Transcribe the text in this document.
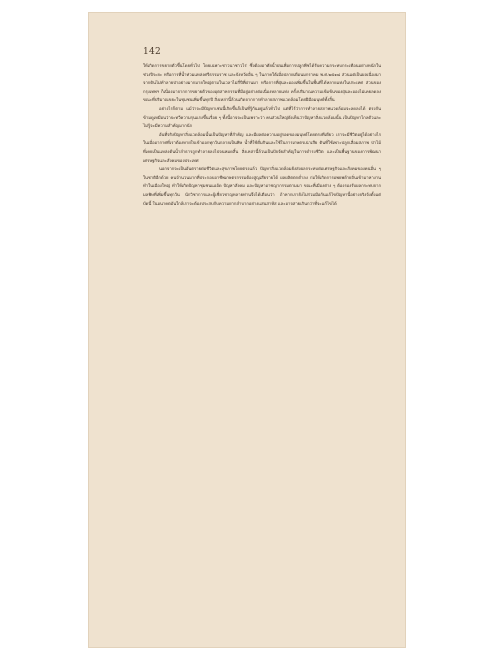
142

ให้เกิดการขยายตัวขึ้นโดยทั่วไป โดยเฉพาะชาวนาชาวไร่ ซึ่งต้องอาศัยน้ำฝนเพื่อการปลูกพืชได้รับความกระทบกระเทือนอย่างหนักในช่วงปีระยะ หรือการที่น้ำท่วมแหล่งศรีธรรมราช และจังหวัดอื่น ๆ ในภาคใต้เมื่อปลายเดือนมกราคม พ.ศ.๒๕๑๘ ส่วนแต่เป็นผลเนื่องมาจากดินไม่ทำลายป่าอย่างมากมายใหญ่ตามในเวลาไม่กี่ปีที่ผ่านมา หรือการที่ฝุ่นละอองเพิ่มขึ้นในพื้นที่ได้หลายแห่งในประเทศ ส่วนของกรุงเทพฯ ก็เนื่องมาจากการขยายตัวของอุตสาหกรรมที่มีอยู่อย่างต่อเนื่องหลายแห่ง ครั้งปริมาณความเข้มข้นของฝุ่นละอองไม่เคยลดลง ขณะที่ปริมาณขยะในชุมชนเพิ่มขึ้นทุกปี สิ่งเหล่านี้ล้วนเกิดจากการทำลายสภาพแวดล้อมโดยฝีมือมนุษย์ทั้งสิ้น

อย่างไรก็ตาม แม้ว่าจะมีปัญหาเช่นนี้เกิดขึ้นก็เป็นที่รู้กันอยู่แล้วทั่วไป แต่ที่ไร้ว่าการทำลายสภาพแวดล้อมจะลดลงได้ ตรงกันข้ามดูเหมือนว่าจะทวีความรุนแรงขึ้นเรื่อย ๆ ทั้งนี้อาจจะเป็นเพราะว่า คนส่วนใหญ่ยังเห็นว่าปัญหาสิ่งแวดล้อมนั้น เป็นปัญหาไกลตัวและไม่รู้จะมีความสำคัญมากนัก

อันที่จริงปัญหาสิ่งแวดล้อมนั้นเป็นปัญหาที่สำคัญ และมีผลต่อความอยู่รอดของมนุษย์โดยตรงทีเดียว เราจะมีชีวิตอยู่ได้อย่างไร ในเมื่ออากาศที่เราต้องหายใจเข้าออกทุกวันกลายเป็นพิษ น้ำที่ใช้ดื่มกินและใช้ในการเกษตรเน่าเสีย ดินที่ใช้เพาะปลูกเสื่อมสภาพ ป่าไม้ที่เคยเป็นแหล่งต้นน้ำลำธารถูกทำลายลงไปจนหมดสิ้น สิ่งเหล่านี้ล้วนเป็นปัจจัยสำคัญในการดำรงชีวิต และเป็นพื้นฐานของการพัฒนาเศรษฐกิจและสังคมของประเทศ

นอกจากจะเป็นอันตรายต่อชีวิตและสุขภาพโดยตรงแล้ว ปัญหาสิ่งแวดล้อมยังส่งผลกระทบต่อเศรษฐกิจและสังคมของคนอื่น ๆ ในชาติอีกด้วย คนจำนวนมากที่ประกอบอาชีพเกษตรกรรมต้องสูญเสียรายได้ ผลผลิตตกต่ำลง ก่อให้เกิดการอพยพย้ายถิ่นเข้ามาหางานทำในเมืองใหญ่ ทำให้เกิดปัญหาชุมชนแออัด ปัญหาสังคม และปัญหาอาชญากรรมตามมา ขณะที่เมืองต่าง ๆ ต้องรองรับผลกระทบจากมลพิษที่เพิ่มขึ้นทุกวัน นักวิชาการและผู้เชี่ยวชาญหลายท่านจึงได้เตือนว่า ถ้าหากเรายังไม่ร่วมมือกันแก้ไขปัญหานี้อย่างจริงจังตั้งแต่บัดนี้ ในอนาคตอันใกล้เราจะต้องประสบกับความยากลำบากอย่างแสนสาหัส และอาจสายเกินกว่าที่จะแก้ไขได้
